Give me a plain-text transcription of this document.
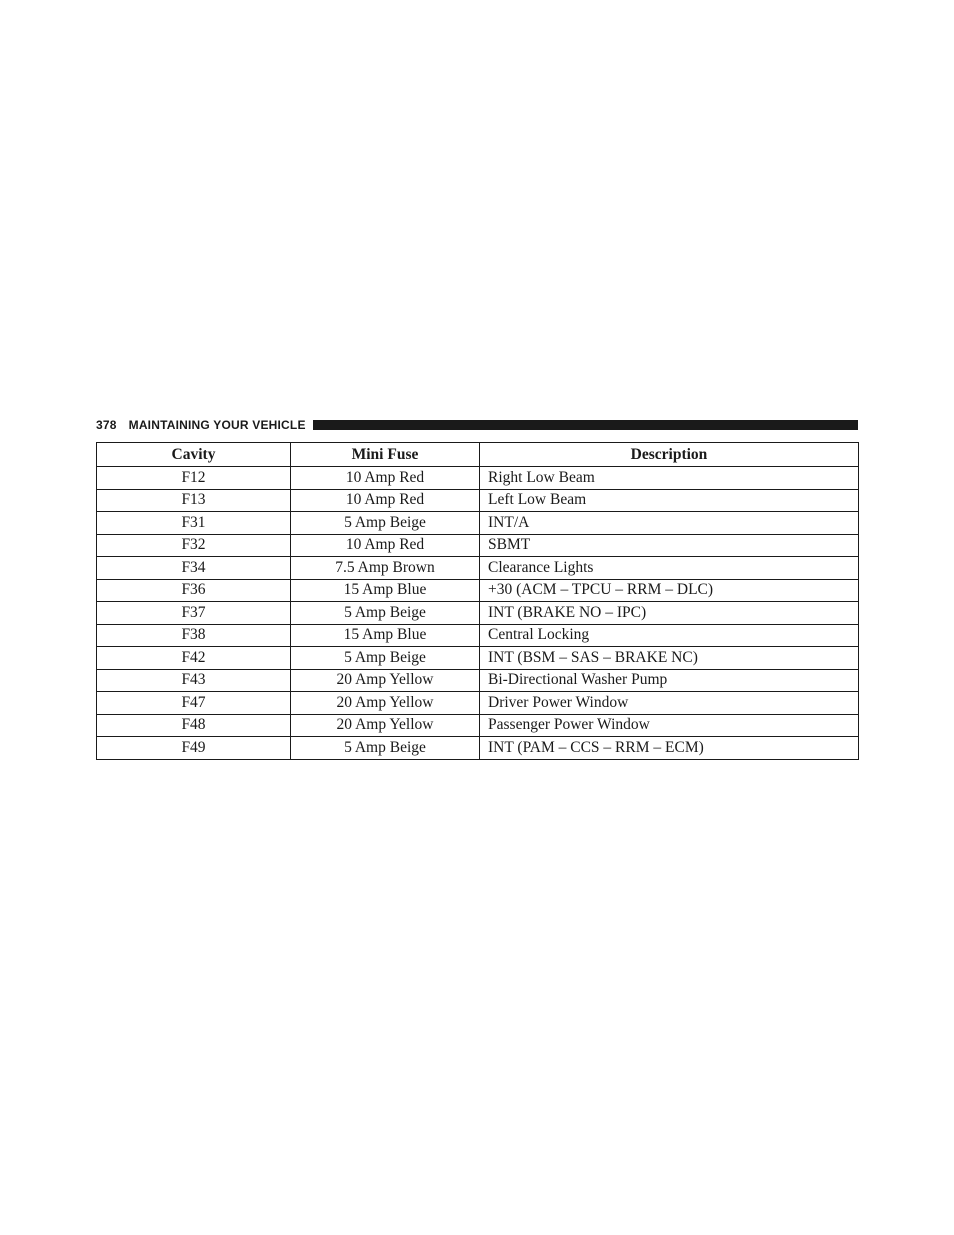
378 MAINTAINING YOUR VEHICLE
Cavity	Mini Fuse	Description
F12	10 Amp Red	Right Low Beam
F13	10 Amp Red	Left Low Beam
F31	5 Amp Beige	INT/A
F32	10 Amp Red	SBMT
F34	7.5 Amp Brown	Clearance Lights
F36	15 Amp Blue	+30 (ACM – TPCU – RRM – DLC)
F37	5 Amp Beige	INT (BRAKE NO – IPC)
F38	15 Amp Blue	Central Locking
F42	5 Amp Beige	INT (BSM – SAS – BRAKE NC)
F43	20 Amp Yellow	Bi-Directional Washer Pump
F47	20 Amp Yellow	Driver Power Window
F48	20 Amp Yellow	Passenger Power Window
F49	5 Amp Beige	INT (PAM – CCS – RRM – ECM)
